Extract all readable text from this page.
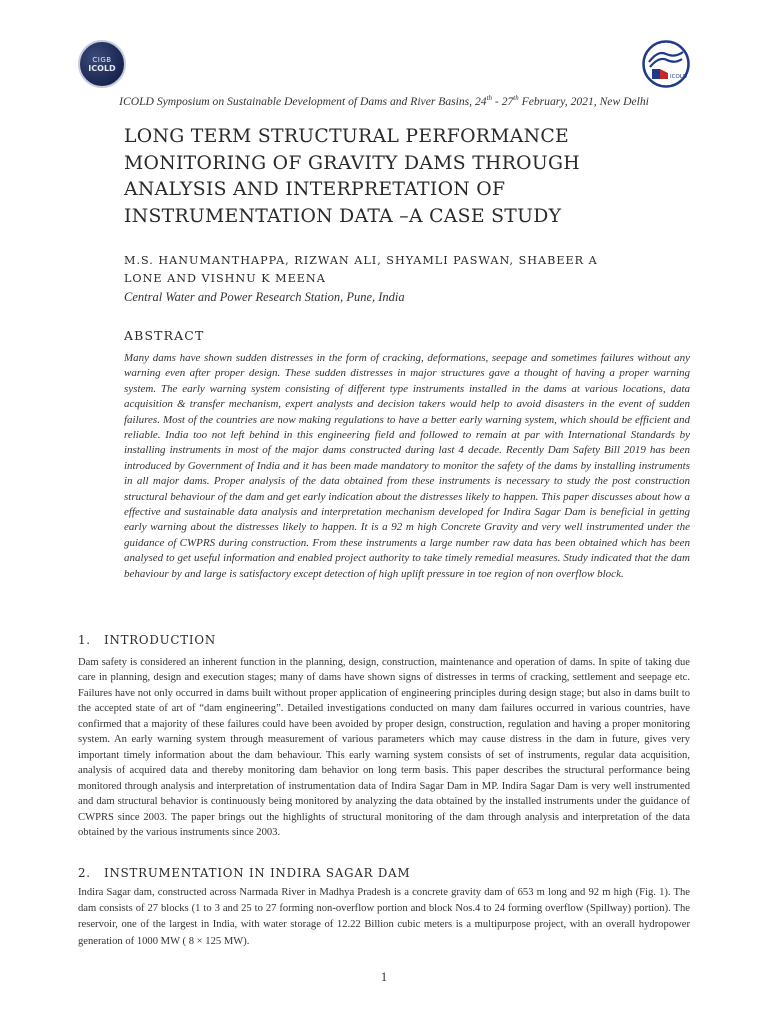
CIGB
ICOLD
ICOLD
ICOLD Symposium on Sustainable Development of Dams and River Basins, 24th - 27th February, 2021, New Delhi
LONG TERM STRUCTURAL PERFORMANCE
MONITORING OF GRAVITY DAMS THROUGH
ANALYSIS AND INTERPRETATION OF
INSTRUMENTATION DATA –A CASE STUDY
M.S. HANUMANTHAPPA, RIZWAN ALI, SHYAMLI PASWAN, SHABEER A
LONE AND VISHNU K MEENA
Central Water and Power Research Station, Pune, India
ABSTRACT

Many dams have shown sudden distresses in the form of cracking, deformations, seepage and sometimes failures without any warning even after proper design. These sudden distresses in major structures gave a thought of having a proper warning system. The early warning system consisting of different type instruments installed in the dams at various locations, data acquisition & transfer mechanism, expert analysts and decision takers would help to avoid disasters in the event of sudden failures. Most of the countries are now making regulations to have a better early warning system, which should be efficient and reliable. India too not left behind in this engineering field and followed to remain at par with International Standards by installing instruments in most of the major dams constructed during last 4 decade. Recently Dam Safety Bill 2019 has been introduced by Government of India and it has been made mandatory to monitor the safety of the dams by installing instruments in all major dams. Proper analysis of the data obtained from these instruments is necessary to study the post construction structural behaviour of the dam and get early indication about the distresses likely to happen. This paper discusses about how a effective and sustainable data analysis and interpretation mechanism developed for Indira Sagar Dam is beneficial in getting early warning about the distresses likely to happen. It is a 92 m high Concrete Gravity and very well instrumented under the guidance of CWPRS during construction. From these instruments a large number raw data has been obtained which has been analysed to get useful information and enabled project authority to take timely remedial measures. Study indicated that the dam behaviour by and large is satisfactory except detection of high uplift pressure in toe region of non overflow block.

1. INTRODUCTION

Dam safety is considered an inherent function in the planning, design, construction, maintenance and operation of dams. In spite of taking due care in planning, design and execution stages; many of dams have shown signs of distresses in terms of cracking, settlement and seepage etc. Failures have not only occurred in dams built without proper application of engineering principles during design stage; but also in dams built to the accepted state of art of “dam engineering”. Detailed investigations conducted on many dam failures occurred in various countries, have confirmed that a majority of these failures could have been avoided by proper design, construction, regulation and having a proper monitoring system. An early warning system through measurement of various parameters which may cause distress in the dam in future, gives very important timely information about the dam behaviour. This early warning system consists of set of instruments, regular data acquisition, analysis of acquired data and thereby monitoring dam behavior on long term basis. This paper describes the structural performance being monitored through analysis and interpretation of instrumentation data of Indira Sagar Dam in MP. Indira Sagar Dam is very well instrumented and dam structural behavior is continuously being monitored by analyzing the data obtained by the installed instruments under the guidance of CWPRS since 2003. The paper brings out the highlights of structural monitoring of the dam through analysis and interpretation of the data obtained by the various instruments since 2003.

2. INSTRUMENTATION IN INDIRA SAGAR DAM

Indira Sagar dam, constructed across Narmada River in Madhya Pradesh is a concrete gravity dam of 653 m long and 92 m high (Fig. 1). The dam consists of 27 blocks (1 to 3 and 25 to 27 forming non-overflow portion and block Nos.4 to 24 forming overflow (Spillway) portion). The reservoir, one of the largest in India, with water storage of 12.22 Billion cubic meters is a multipurpose project, with an overall hydropower generation of 1000 MW ( 8 × 125 MW).

1
